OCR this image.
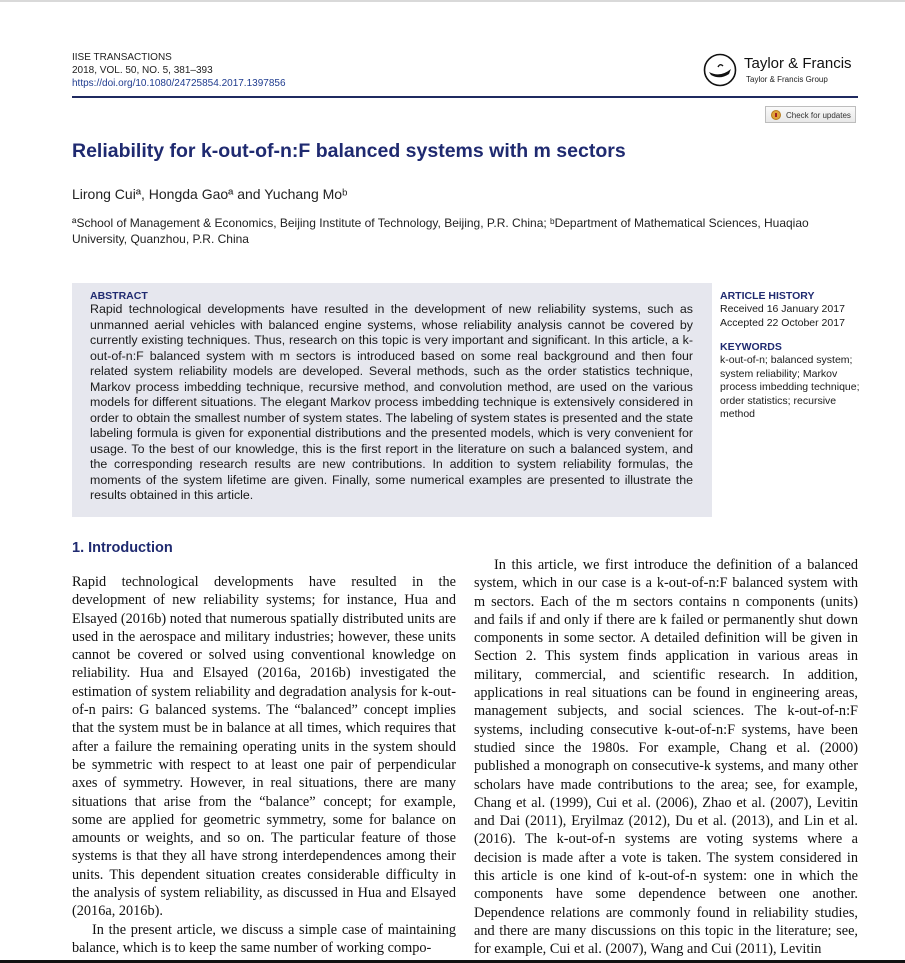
IISE TRANSACTIONS
2018, VOL. 50, NO. 5, 381–393
https://doi.org/10.1080/24725854.2017.1397856
Taylor & Francis
Taylor & Francis Group
Check for updates
Reliability for k-out-of-n:F balanced systems with m sectors
Lirong Cuiª, Hongda Gaoª and Yuchang Moᵇ
ªSchool of Management & Economics, Beijing Institute of Technology, Beijing, P.R. China; ᵇDepartment of Mathematical Sciences, Huaqiao University, Quanzhou, P.R. China
ABSTRACT
Rapid technological developments have resulted in the development of new reliability systems, such as unmanned aerial vehicles with balanced engine systems, whose reliability analysis cannot be covered by currently existing techniques. Thus, research on this topic is very important and significant. In this article, a k-out-of-n:F balanced system with m sectors is introduced based on some real background and then four related system reliability models are developed. Several methods, such as the order statistics technique, Markov process imbedding technique, recursive method, and convolution method, are used on the various models for different situations. The elegant Markov process imbedding technique is extensively considered in order to obtain the smallest number of system states. The labeling of system states is presented and the state labeling formula is given for exponential distributions and the presented models, which is very convenient for usage. To the best of our knowledge, this is the first report in the literature on such a balanced system, and the corresponding research results are new contributions. In addition to system reliability formulas, the moments of the system lifetime are given. Finally, some numerical examples are presented to illustrate the results obtained in this article.
ARTICLE HISTORY
Received 16 January 2017
Accepted 22 October 2017
KEYWORDS
k-out-of-n; balanced system; system reliability; Markov process imbedding technique; order statistics; recursive method
1. Introduction

Rapid technological developments have resulted in the development of new reliability systems; for instance, Hua and Elsayed (2016b) noted that numerous spatially distributed units are used in the aerospace and military industries; however, these units cannot be covered or solved using conventional knowledge on reliability. Hua and Elsayed (2016a, 2016b) investigated the estimation of system reliability and degradation analysis for k-out-of-n pairs: G balanced systems. The “balanced” concept implies that the system must be in balance at all times, which requires that after a failure the remaining operating units in the system should be symmetric with respect to at least one pair of perpendicular axes of symmetry. However, in real situations, there are many situations that arise from the “balance” concept; for example, some are applied for geometric symmetry, some for balance on amounts or weights, and so on. The particular feature of those systems is that they all have strong interdependences among their units. This dependent situation creates considerable difficulty in the analysis of system reliability, as discussed in Hua and Elsayed (2016a, 2016b).

In the present article, we discuss a simple case of maintaining balance, which is to keep the same number of working compo-

In this article, we first introduce the definition of a balanced system, which in our case is a k-out-of-n:F balanced system with m sectors. Each of the m sectors contains n components (units) and fails if and only if there are k failed or permanently shut down components in some sector. A detailed definition will be given in Section 2. This system finds application in various areas in military, commercial, and scientific research. In addition, applications in real situations can be found in engineering areas, management subjects, and social sciences. The k-out-of-n:F systems, including consecutive k-out-of-n:F systems, have been studied since the 1980s. For example, Chang et al. (2000) published a monograph on consecutive-k systems, and many other scholars have made contributions to the area; see, for example, Chang et al. (1999), Cui et al. (2006), Zhao et al. (2007), Levitin and Dai (2011), Eryilmaz (2012), Du et al. (2013), and Lin et al. (2016). The k-out-of-n systems are voting systems where a decision is made after a vote is taken. The system considered in this article is one kind of k-out-of-n system: one in which the components have some dependence between one another. Dependence relations are commonly found in reliability studies, and there are many discussions on this topic in the literature; see, for example, Cui et al. (2007), Wang and Cui (2011), Levitin
